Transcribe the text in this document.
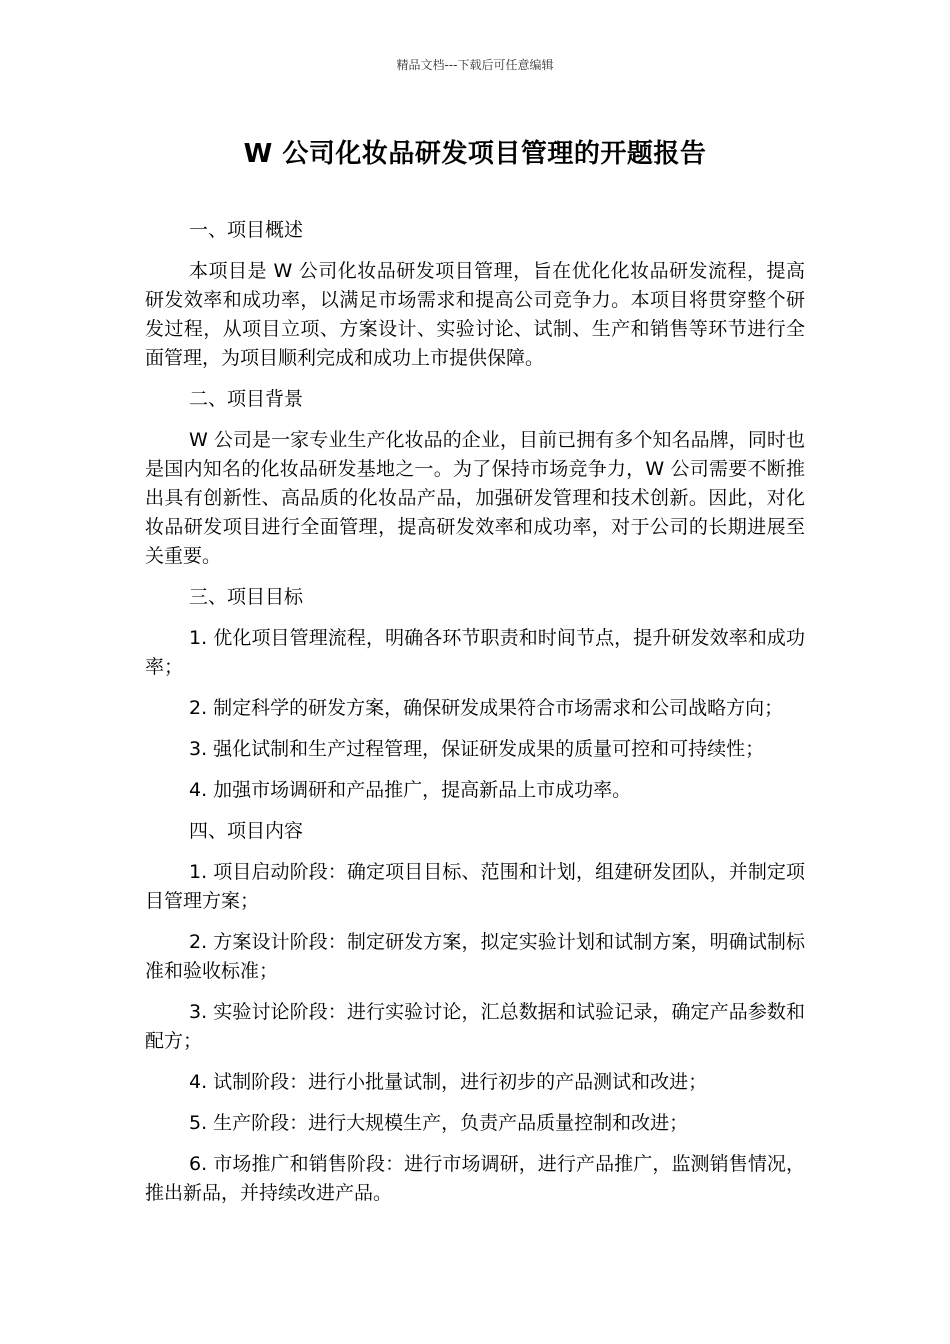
精品文档---下载后可任意编辑
W 公司化妆品研发项目管理的开题报告

一、项目概述

本项目是 W 公司化妆品研发项目管理，旨在优化化妆品研发流程，提高研发效率和成功率，以满足市场需求和提高公司竞争力。本项目将贯穿整个研发过程，从项目立项、方案设计、实验讨论、试制、生产和销售等环节进行全面管理，为项目顺利完成和成功上市提供保障。

二、项目背景

W 公司是一家专业生产化妆品的企业，目前已拥有多个知名品牌，同时也是国内知名的化妆品研发基地之一。为了保持市场竞争力，W 公司需要不断推出具有创新性、高品质的化妆品产品，加强研发管理和技术创新。因此，对化妆品研发项目进行全面管理，提高研发效率和成功率，对于公司的长期进展至关重要。

三、项目目标

1. 优化项目管理流程，明确各环节职责和时间节点，提升研发效率和成功率；

2. 制定科学的研发方案，确保研发成果符合市场需求和公司战略方向；

3. 强化试制和生产过程管理，保证研发成果的质量可控和可持续性；

4. 加强市场调研和产品推广，提高新品上市成功率。

四、项目内容

1. 项目启动阶段：确定项目目标、范围和计划，组建研发团队，并制定项目管理方案；

2. 方案设计阶段：制定研发方案，拟定实验计划和试制方案，明确试制标准和验收标准；

3. 实验讨论阶段：进行实验讨论，汇总数据和试验记录，确定产品参数和配方；

4. 试制阶段：进行小批量试制，进行初步的产品测试和改进；

5. 生产阶段：进行大规模生产，负责产品质量控制和改进；

6. 市场推广和销售阶段：进行市场调研，进行产品推广，监测销售情况，推出新品，并持续改进产品。
